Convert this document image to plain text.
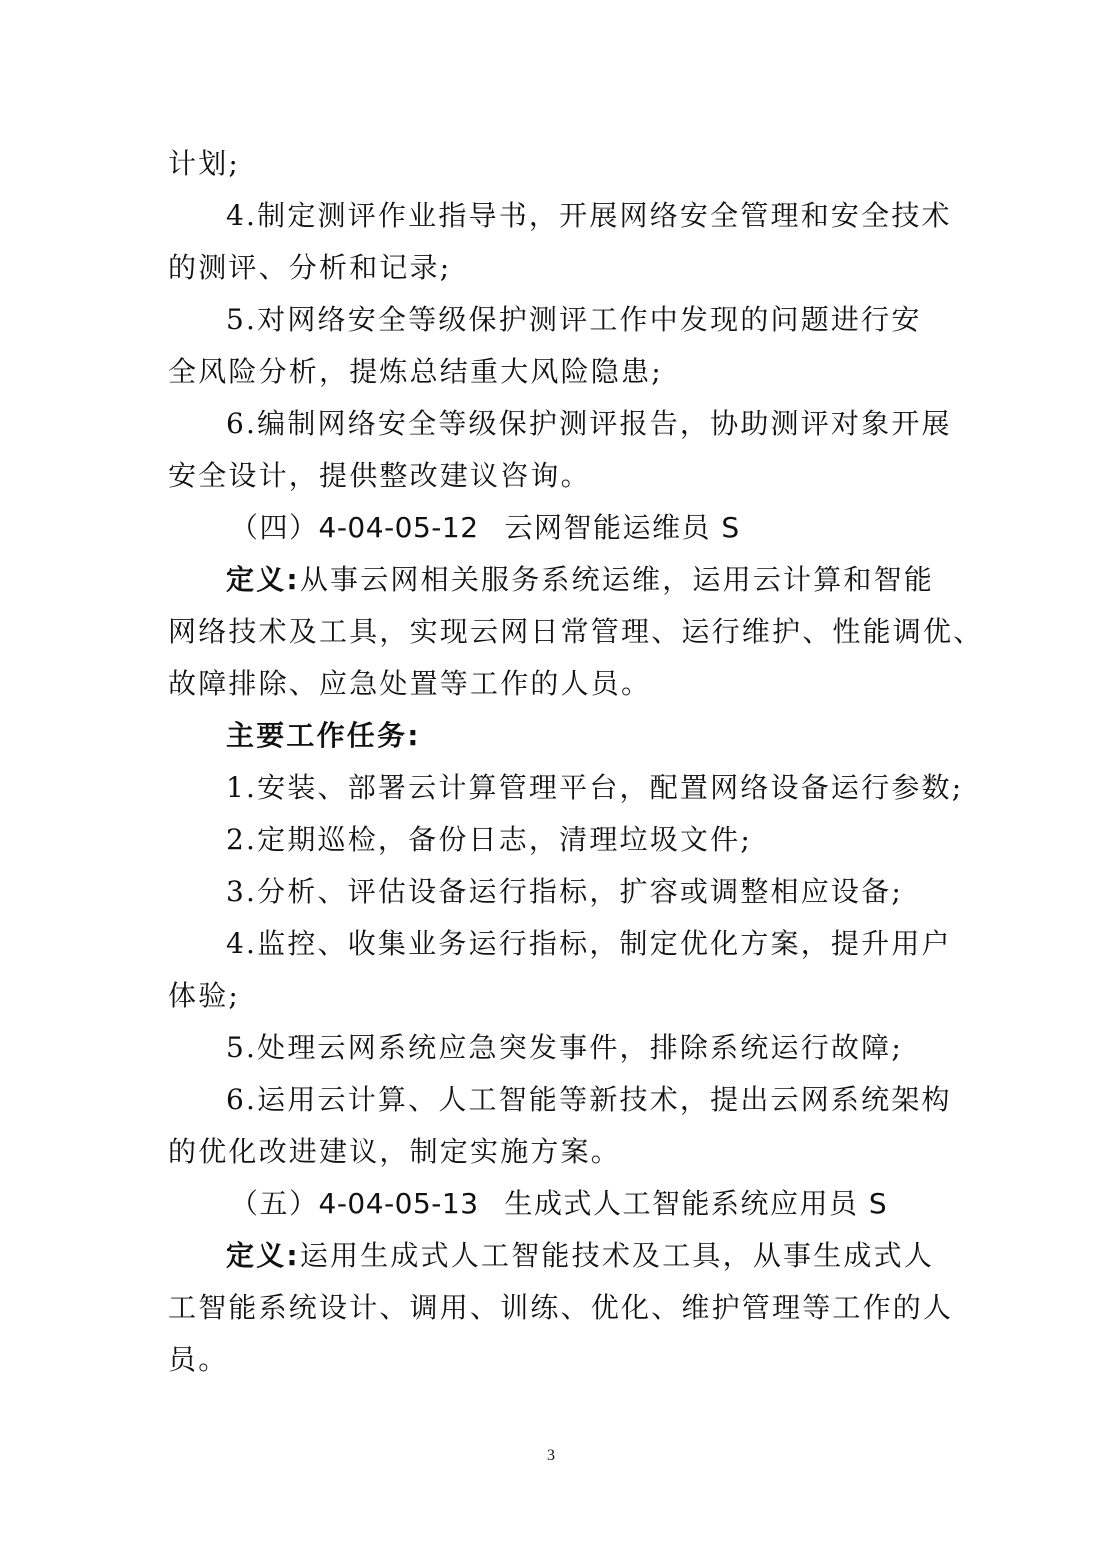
计划;
4.制定测评作业指导书，开展网络安全管理和安全技术
的测评、分析和记录;
5.对网络安全等级保护测评工作中发现的问题进行安
全风险分析，提炼总结重大风险隐患;
6.编制网络安全等级保护测评报告，协助测评对象开展
安全设计，提供整改建议咨询。
（四）4-04-05-12 云网智能运维员 S
定义:从事云网相关服务系统运维，运用云计算和智能
网络技术及工具，实现云网日常管理、运行维护、性能调优、
故障排除、应急处置等工作的人员。
主要工作任务:
1.安装、部署云计算管理平台，配置网络设备运行参数;
2.定期巡检，备份日志，清理垃圾文件;
3.分析、评估设备运行指标，扩容或调整相应设备;
4.监控、收集业务运行指标，制定优化方案，提升用户
体验;
5.处理云网系统应急突发事件，排除系统运行故障;
6.运用云计算、人工智能等新技术，提出云网系统架构
的优化改进建议，制定实施方案。
（五）4-04-05-13 生成式人工智能系统应用员 S
定义:运用生成式人工智能技术及工具，从事生成式人
工智能系统设计、调用、训练、优化、维护管理等工作的人
员。
3
